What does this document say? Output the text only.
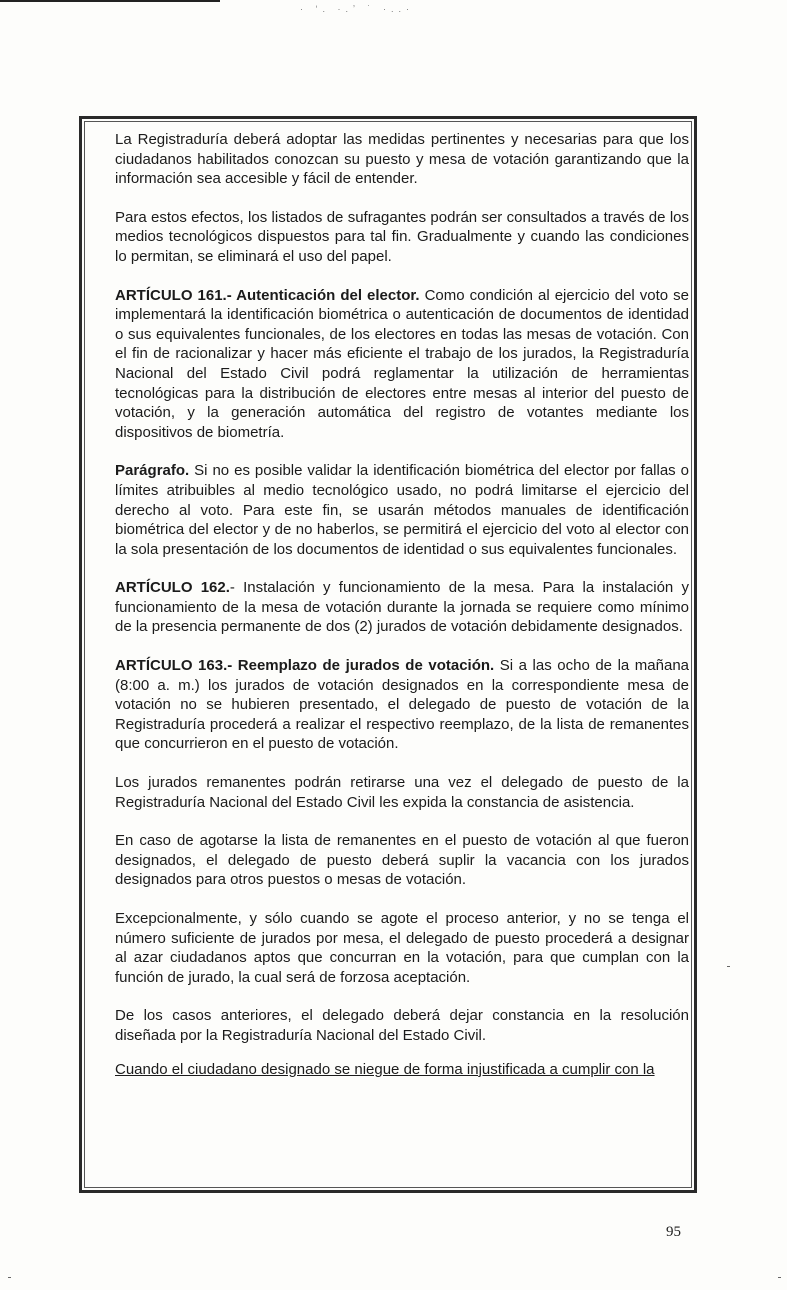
· ʻ. ·.ʼ ˙ ·..·

La Registraduría deberá adoptar las medidas pertinentes y necesarias para que los ciudadanos habilitados conozcan su puesto y mesa de votación garantizando que la información sea accesible y fácil de entender.

Para estos efectos, los listados de sufragantes podrán ser consultados a través de los medios tecnológicos dispuestos para tal fin. Gradualmente y cuando las condiciones lo permitan, se eliminará el uso del papel.

ARTÍCULO 161.- Autenticación del elector. Como condición al ejercicio del voto se implementará la identificación biométrica o autenticación de documentos de identidad o sus equivalentes funcionales, de los electores en todas las mesas de votación. Con el fin de racionalizar y hacer más eficiente el trabajo de los jurados, la Registraduría Nacional del Estado Civil podrá reglamentar la utilización de herramientas tecnológicas para la distribución de electores entre mesas al interior del puesto de votación, y la generación automática del registro de votantes mediante los dispositivos de biometría.

Parágrafo. Si no es posible validar la identificación biométrica del elector por fallas o límites atribuibles al medio tecnológico usado, no podrá limitarse el ejercicio del derecho al voto. Para este fin, se usarán métodos manuales de identificación biométrica del elector y de no haberlos, se permitirá el ejercicio del voto al elector con la sola presentación de los documentos de identidad o sus equivalentes funcionales.

ARTÍCULO 162.- Instalación y funcionamiento de la mesa. Para la instalación y funcionamiento de la mesa de votación durante la jornada se requiere como mínimo de la presencia permanente de dos (2) jurados de votación debidamente designados.

ARTÍCULO 163.- Reemplazo de jurados de votación. Si a las ocho de la mañana (8:00 a. m.) los jurados de votación designados en la correspondiente mesa de votación no se hubieren presentado, el delegado de puesto de votación de la Registraduría procederá a realizar el respectivo reemplazo, de la lista de remanentes que concurrieron en el puesto de votación.

Los jurados remanentes podrán retirarse una vez el delegado de puesto de la Registraduría Nacional del Estado Civil les expida la constancia de asistencia.

En caso de agotarse la lista de remanentes en el puesto de votación al que fueron designados, el delegado de puesto deberá suplir la vacancia con los jurados designados para otros puestos o mesas de votación.

Excepcionalmente, y sólo cuando se agote el proceso anterior, y no se tenga el número suficiente de jurados por mesa, el delegado de puesto procederá a designar al azar ciudadanos aptos que concurran en la votación, para que cumplan con la función de jurado, la cual será de forzosa aceptación.

De los casos anteriores, el delegado deberá dejar constancia en la resolución diseñada por la Registraduría Nacional del Estado Civil.

Cuando el ciudadano designado se niegue de forma injustificada a cumplir con la

95
